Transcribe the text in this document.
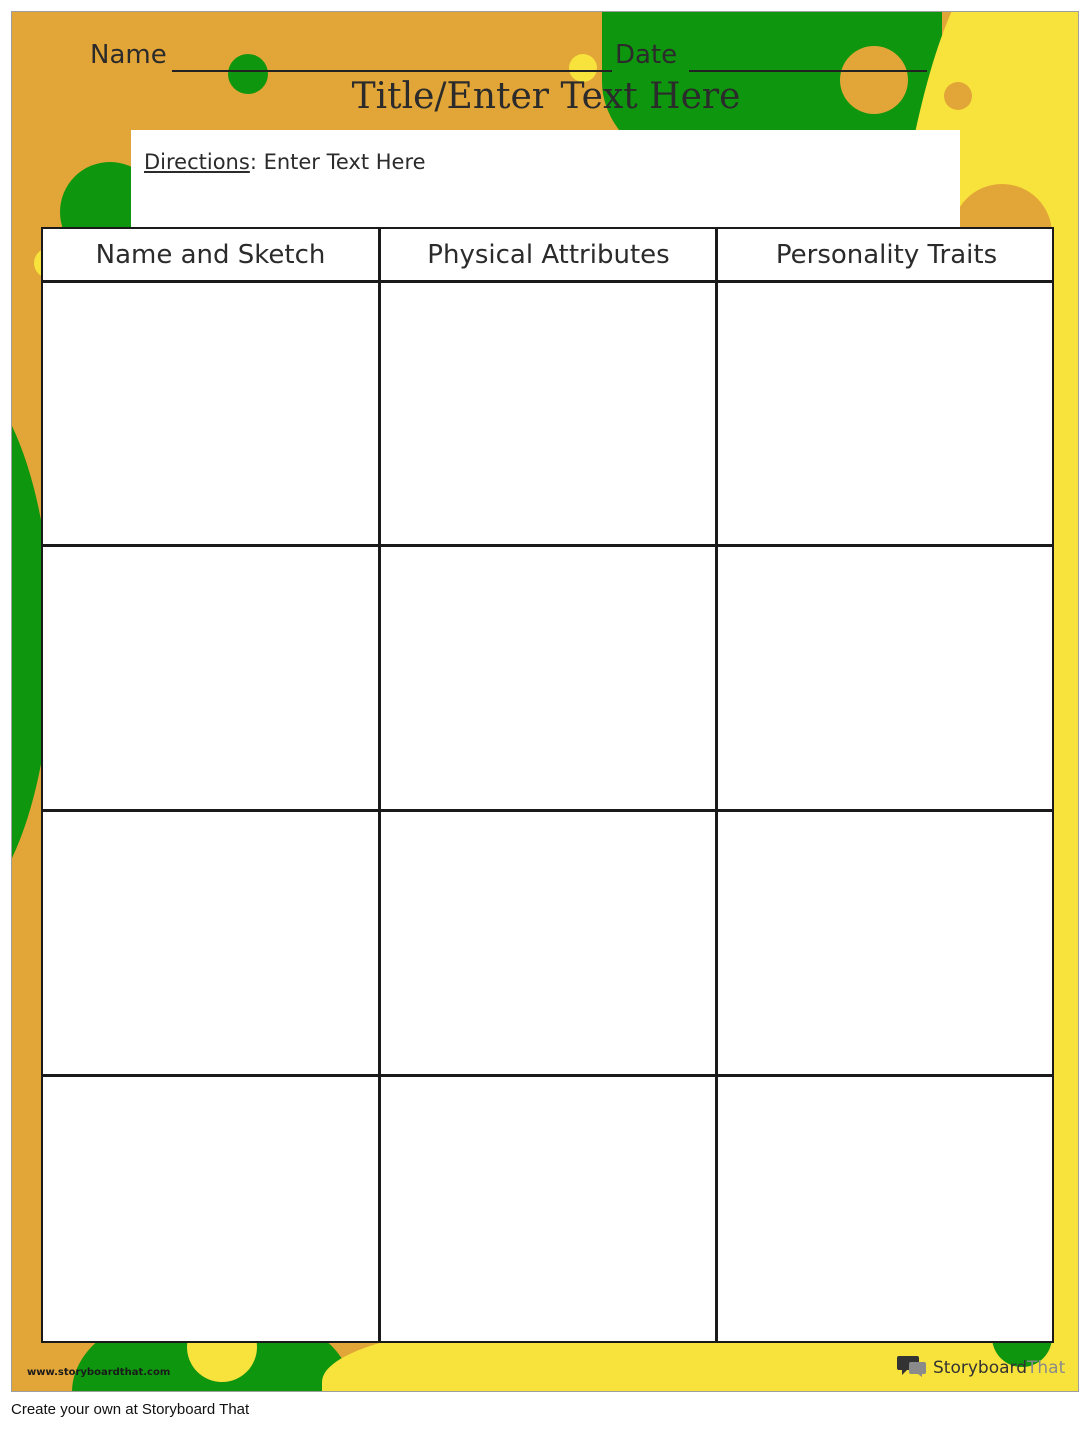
Name	Date
Title/Enter Text Here
Directions: Enter Text Here
Name and Sketch	Physical Attributes	Personality Traits
www.storyboardthat.com	StoryboardThat
Create your own at Storyboard That
